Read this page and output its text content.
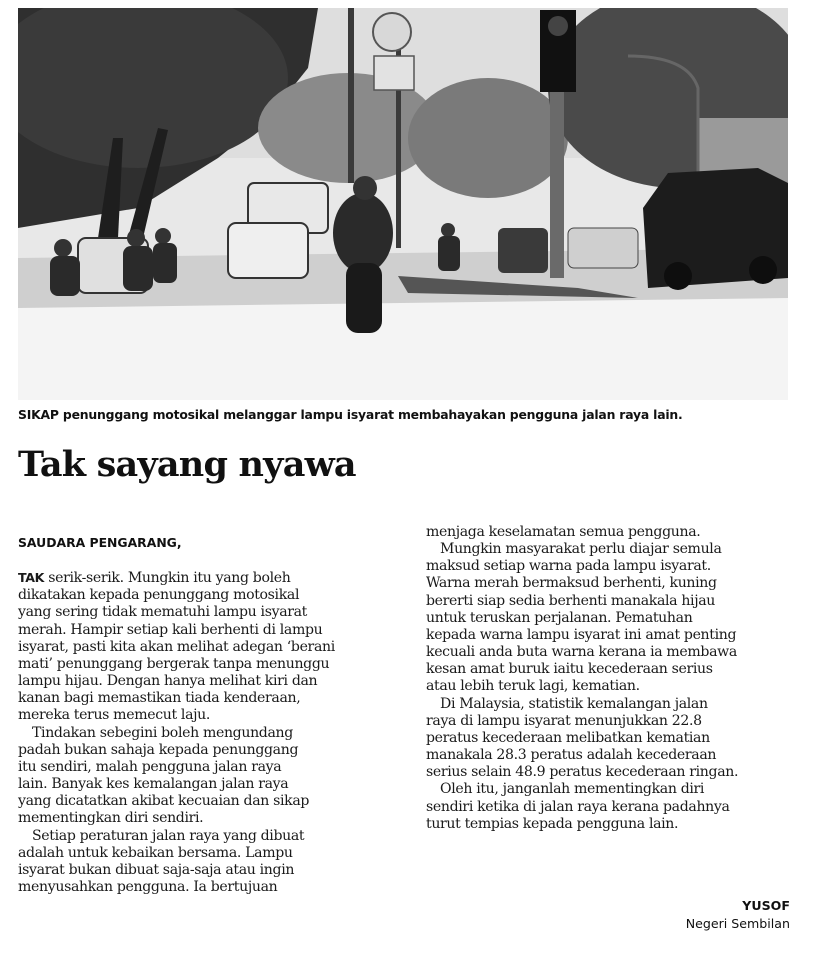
SIKAP penunggang motosikal melanggar lampu isyarat membahayakan pengguna jalan raya lain.
Tak sayang nyawa
SAUDARA PENGARANG,
TAK serik-serik. Mungkin itu yang boleh
dikatakan kepada penunggang motosikal
yang sering tidak mematuhi lampu isyarat
merah. Hampir setiap kali berhenti di lampu
isyarat, pasti kita akan melihat adegan ‘berani
mati’ penunggang bergerak tanpa menunggu
lampu hijau. Dengan hanya melihat kiri dan
kanan bagi memastikan tiada kenderaan,
mereka terus memecut laju.
Tindakan sebegini boleh mengundang
padah bukan sahaja kepada penunggang
itu sendiri, malah pengguna jalan raya
lain. Banyak kes kemalangan jalan raya
yang dicatatkan akibat kecuaian dan sikap
mementingkan diri sendiri.
Setiap peraturan jalan raya yang dibuat
adalah untuk kebaikan bersama. Lampu
isyarat bukan dibuat saja-saja atau ingin
menyusahkan pengguna. Ia bertujuan
menjaga keselamatan semua pengguna.
Mungkin masyarakat perlu diajar semula
maksud setiap warna pada lampu isyarat.
Warna merah bermaksud berhenti, kuning
bererti siap sedia berhenti manakala hijau
untuk teruskan perjalanan. Pematuhan
kepada warna lampu isyarat ini amat penting
kecuali anda buta warna kerana ia membawa
kesan amat buruk iaitu kecederaan serius
atau lebih teruk lagi, kematian.
Di Malaysia, statistik kemalangan jalan
raya di lampu isyarat menunjukkan 22.8
peratus kecederaan melibatkan kematian
manakala 28.3 peratus adalah kecederaan
serius selain 48.9 peratus kecederaan ringan.
Oleh itu, janganlah mementingkan diri
sendiri ketika di jalan raya kerana padahnya
turut tempias kepada pengguna lain.
YUSOF
Negeri Sembilan
